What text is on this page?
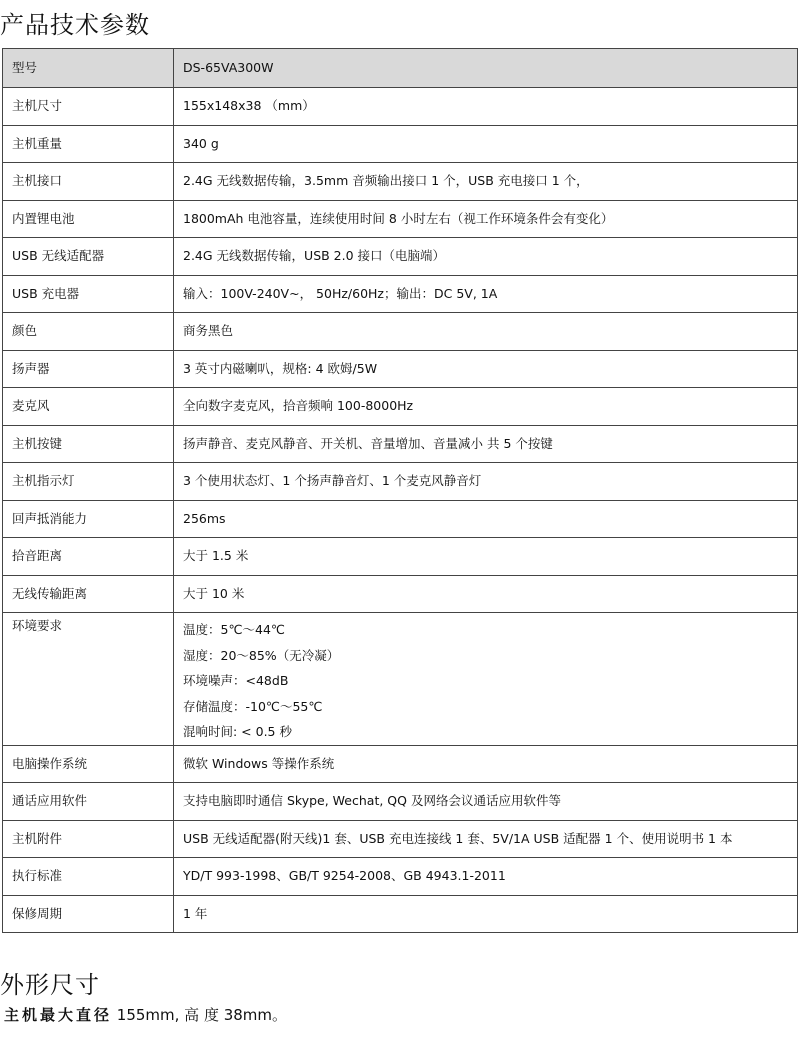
产品技术参数
型号	DS-65VA300W
主机尺寸	155x148x38 （mm）
主机重量	340 g
主机接口	2.4G 无线数据传输，3.5mm 音频输出接口 1 个，USB 充电接口 1 个，
内置锂电池	1800mAh 电池容量，连续使用时间 8 小时左右（视工作环境条件会有变化）
USB 无线适配器	2.4G 无线数据传输，USB 2.0 接口（电脑端）
USB 充电器	输入：100V-240V~， 50Hz/60Hz；输出：DC 5V, 1A
颜色	商务黑色
扬声器	3 英寸内磁喇叭，规格: 4 欧姆/5W
麦克风	全向数字麦克风，拾音频响 100-8000Hz
主机按键	扬声静音、麦克风静音、开关机、音量增加、音量减小 共 5 个按键
主机指示灯	3 个使用状态灯、1 个扬声静音灯、1 个麦克风静音灯
回声抵消能力	256ms
拾音距离	大于 1.5 米
无线传输距离	大于 10 米
环境要求	温度：5℃～44℃
湿度：20～85%（无冷凝）
环境噪声：<48dB
存储温度：-10℃～55℃
混响时间: < 0.5 秒

电脑操作系统	微软 Windows 等操作系统
通话应用软件	支持电脑即时通信 Skype, Wechat, QQ 及网络会议通话应用软件等
主机附件	USB 无线适配器(附天线)1 套、USB 充电连接线 1 套、5V/1A USB 适配器 1 个、使用说明书 1 本
执行标准	YD/T 993-1998、GB/T 9254-2008、GB 4943.1-2011
保修周期	1 年
外形尺寸
主机最大直径 155mm, 高 度 38mm。
